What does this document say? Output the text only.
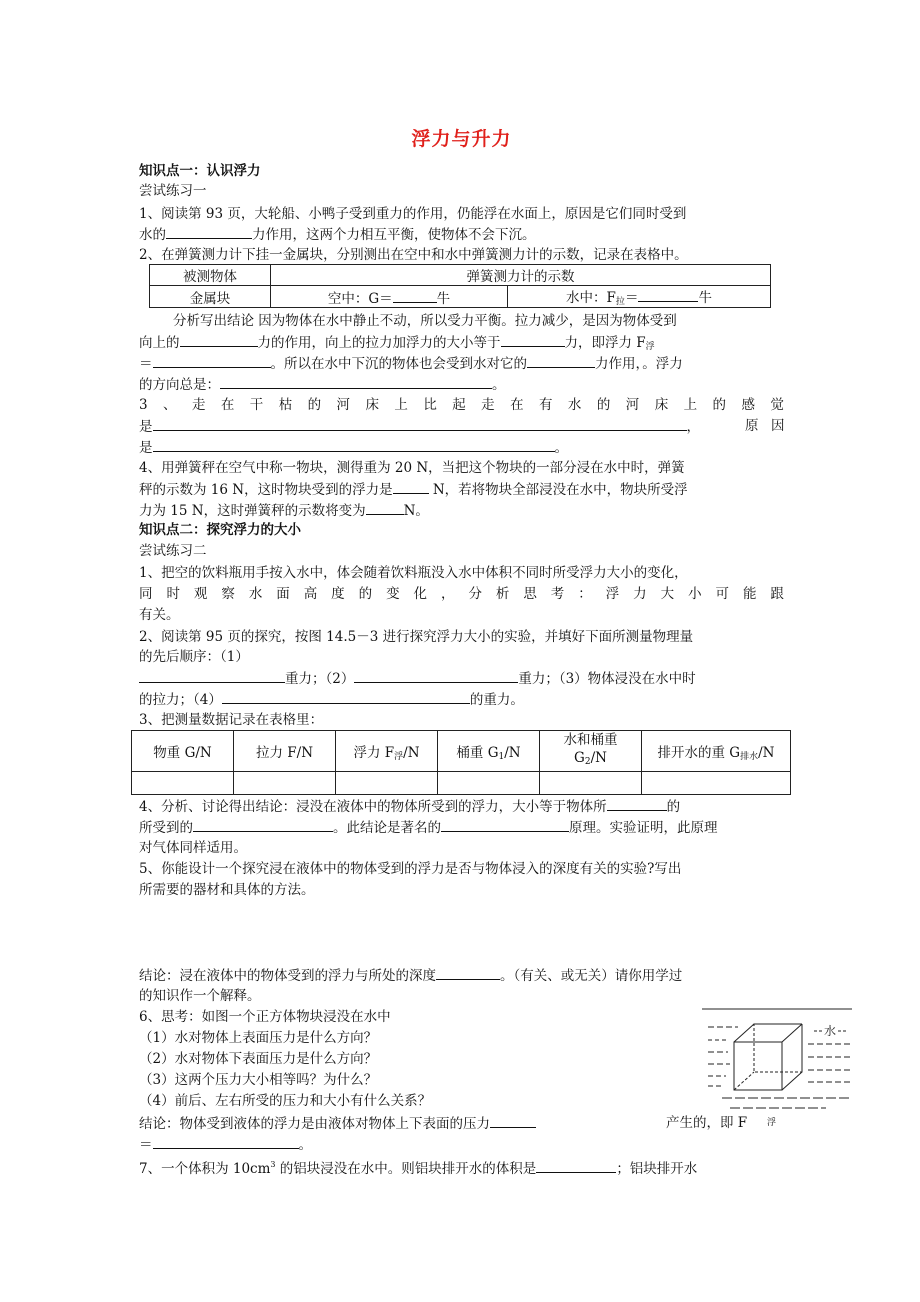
浮力与升力
知识点一：认识浮力
尝试练习一
1、阅读第 93 页，大轮船、小鸭子受到重力的作用，仍能浮在水面上，原因是它们同时受到
水的	力作用，这两个力相互平衡，使物体不会下沉。
2、在弹簧测力计下挂一金属块，分别测出在空中和水中弹簧测力计的示数，记录在表格中。
被测物体	弹簧测力计的示数	
金属块	空中：G＝ 牛	水中：$F_拉=$ 牛
分析写出结论 因为物体在水中静止不动，所以受力平衡。拉力减少，是因为物体受到
向上的	力的作用，向上的拉力加浮力的大小等于	力，即浮力 $F_浮$
＝	。所以在水中下沉的物体也会受到水对它的	力作用，。浮力
的方向总是：	。
3 、 走 在 干 枯 的 河 床 上 比 起 走 在 有 水 的 河 床 上 的 感 觉
是	，	原 因
是	。
4、用弹簧秤在空气中称一物块，测得重为 20 N，当把这个物块的一部分浸在水中时，弹簧
秤的示数为 16 N，这时物块受到的浮力是	N，若将物块全部浸没在水中，物块所受浮
力为 15 N，这时弹簧秤的示数将变为	N。
知识点二：探究浮力的大小
尝试练习二
1、把空的饮料瓶用手按入水中，体会随着饮料瓶没入水中体积不同时所受浮力大小的变化，
同 时 观 察 水 面 高 度 的 变 化 ， 分 析 思 考 ： 浮 力 大 小 可 能 跟
有关。
2、阅读第 95 页的探究，按图 14.5－3 进行探究浮力大小的实验，并填好下面所测量物理量
的先后顺序：（1）
重力；（2）	重力；（3）物体浸没在水中时
的拉力；（4）	的重力。
3、把测量数据记录在表格里：
物重 G/N	拉力 F/N	浮力 $F_浮/N$	桶重 $G_1/N$	水和桶重
$G_2/N$	排开水的重 $G_{排水}/N$

4、分析、讨论得出结论：浸没在液体中的物体所受到的浮力，大小等于物体所	的
所受到的	。此结论是著名的	原理。实验证明，此原理
对气体同样适用。
5、你能设计一个探究浸在液体中的物体受到的浮力是否与物体浸入的深度有关的实验?写出
所需要的器材和具体的方法。
结论：浸在液体中的物体受到的浮力与所处的深度	。（有关、或无关）请你用学过
的知识作一个解释。
6、思考：如图一个正方体物块浸没在水中
（1）水对物体上表面压力是什么方向？
（2）水对物体下表面压力是什么方向？
（3）这两个压力大小相等吗？为什么？
（4）前后、左右所受的压力和大小有什么关系？
结论：物体受到液体的浮力是由液体对物体上下表面的压力	产生的，即 F 浮
＝	。
7、一个体积为 $10cm^3$ 的铝块浸没在水中。则铝块排开水的体积是	；铝块排开水
水
